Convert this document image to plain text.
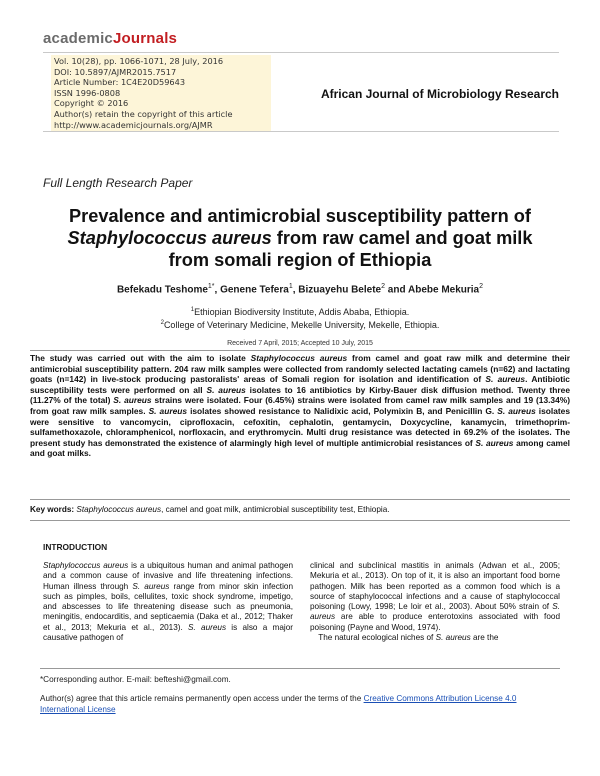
academicJournals
Vol. 10(28), pp. 1066-1071, 28 July, 2016
DOI: 10.5897/AJMR2015.7517
Article Number: 1C4E20D59643
ISSN 1996-0808
Copyright © 2016
Author(s) retain the copyright of this article
http://www.academicjournals.org/AJMR
African Journal of Microbiology Research
Full Length Research Paper
Prevalence and antimicrobial susceptibility pattern of
Staphylococcus aureus from raw camel and goat milk
from somali region of Ethiopia
Befekadu Teshome$^{1*}$, Genene Tefera$^1$, Bizuayehu Belete$^2$ and Abebe Mekuria$^2$
$^1$Ethiopian Biodiversity Institute, Addis Ababa, Ethiopia.
$^2$College of Veterinary Medicine, Mekelle University, Mekelle, Ethiopia.
Received 7 April, 2015; Accepted 10 July, 2015
The study was carried out with the aim to isolate Staphylococcus aureus from camel and goat raw milk and determine their antimicrobial susceptibility pattern. 204 raw milk samples were collected from randomly selected lactating camels (n=62) and lactating goats (n=142) in live-stock producing pastoralists' areas of Somali region for isolation and identification of S. aureus. Antibiotic susceptibility tests were performed on all S. aureus isolates to 16 antibiotics by Kirby-Bauer disk diffusion method. Twenty three (11.27% of the total) S. aureus strains were isolated. Four (6.45%) strains were isolated from camel raw milk samples and 19 (13.34%) from goat raw milk samples. S. aureus isolates showed resistance to Nalidixic acid, Polymixin B, and Penicillin G. S. aureus isolates were sensitive to vancomycin, ciprofloxacin, cefoxitin, cephalotin, gentamycin, Doxycycline, kanamycin, trimethoprim-sulfamethoxazole, chloramphenicol, norfloxacin, and erythromycin. Multi drug resistance was detected in 69.2% of the isolates. The present study has demonstrated the existence of alarmingly high level of multiple antimicrobial resistances of S. aureus among camel and goat milks.
Key words: Staphylococcus aureus, camel and goat milk, antimicrobial susceptibility test, Ethiopia.
INTRODUCTION
Staphylococcus aureus is a ubiquitous human and animal pathogen and a common cause of invasive and life threatening infections. Human illness through S. aureus range from minor skin infection such as pimples, boils, cellulites, toxic shock syndrome, impetigo, and abscesses to life threatening disease such as pneumonia, meningitis, endocarditis, and septicaemia (Daka et al., 2012; Thaker et al., 2013; Mekuria et al., 2013). S. aureus is also a major causative pathogen of
clinical and subclinical mastitis in animals (Adwan et al., 2005; Mekuria et al., 2013). On top of it, it is also an important food borne pathogen. Milk has been reported as a common food which is a source of staphylococcal infections and a cause of staphylococcal poisoning (Lowy, 1998; Le loir et al., 2003). About 50% strain of S. aureus are able to produce enterotoxins associated with food poisoning (Payne and Wood, 1974).
 The natural ecological niches of S. aureus are the
*Corresponding author. E-mail: befteshi@gmail.com.
Author(s) agree that this article remains permanently open access under the terms of the Creative Commons Attribution License 4.0 International License
